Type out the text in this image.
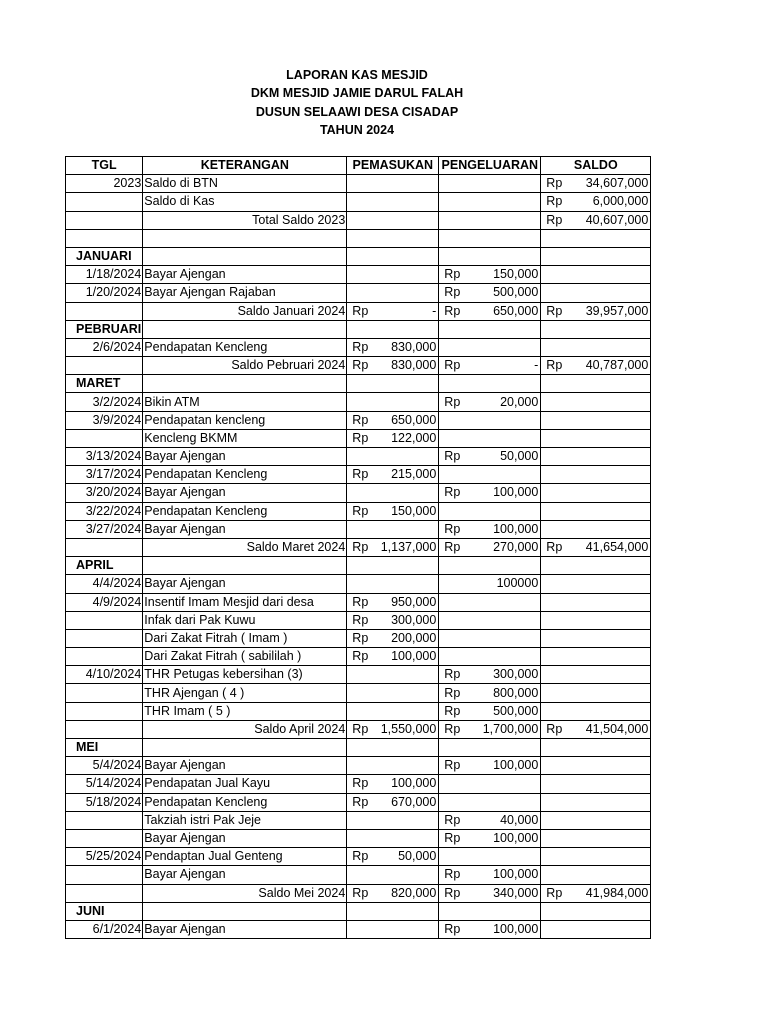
LAPORAN KAS MESJID
DKM MESJID JAMIE DARUL FALAH
DUSUN SELAAWI DESA CISADAP
TAHUN 2024
TGL	KETERANGAN	PEMASUKAN	PENGELUARAN	SALDO
2023	Saldo di BTN			Rp 34,607,000

	Saldo di Kas			Rp 6,000,000

	Total Saldo 2023			Rp 40,607,000

JANUARI				
1/18/2024	Bayar Ajengan		Rp 150,000	

1/20/2024	Bayar Ajengan Rajaban		Rp 500,000	

	Saldo Januari 2024	Rp -	Rp 650,000	Rp 39,957,000

PEBRUARI				
2/6/2024	Pendapatan Kencleng	Rp 830,000		

	Saldo Pebruari 2024	Rp 830,000	Rp -	Rp 40,787,000

MARET				
3/2/2024	Bikin ATM		Rp 20,000	

3/9/2024	Pendapatan kencleng	Rp 650,000		

	Kencleng BKMM	Rp 122,000		

3/13/2024	Bayar Ajengan		Rp 50,000	

3/17/2024	Pendapatan Kencleng	Rp 215,000		

3/20/2024	Bayar Ajengan		Rp 100,000	

3/22/2024	Pendapatan Kencleng	Rp 150,000		

3/27/2024	Bayar Ajengan		Rp 100,000	

	Saldo Maret 2024	Rp 1,137,000	Rp 270,000	Rp 41,654,000

APRIL				
4/4/2024	Bayar Ajengan		100000	
4/9/2024	Insentif Imam Mesjid dari desa	Rp 950,000		

	Infak dari Pak Kuwu	Rp 300,000		

	Dari Zakat Fitrah ( Imam )	Rp 200,000		

	Dari Zakat Fitrah ( sabililah )	Rp 100,000		

4/10/2024	THR Petugas kebersihan (3)		Rp 300,000	

	THR Ajengan ( 4 )		Rp 800,000	

	THR Imam ( 5 )		Rp 500,000	

	Saldo April 2024	Rp 1,550,000	Rp 1,700,000	Rp 41,504,000

MEI				
5/4/2024	Bayar Ajengan		Rp 100,000	

5/14/2024	Pendapatan Jual Kayu	Rp 100,000		

5/18/2024	Pendapatan Kencleng	Rp 670,000		

	Takziah istri Pak Jeje		Rp 40,000	

	Bayar Ajengan		Rp 100,000	

5/25/2024	Pendaptan Jual Genteng	Rp 50,000		

	Bayar Ajengan		Rp 100,000	

	Saldo Mei 2024	Rp 820,000	Rp 340,000	Rp 41,984,000

JUNI				
6/1/2024	Bayar Ajengan		Rp 100,000	
